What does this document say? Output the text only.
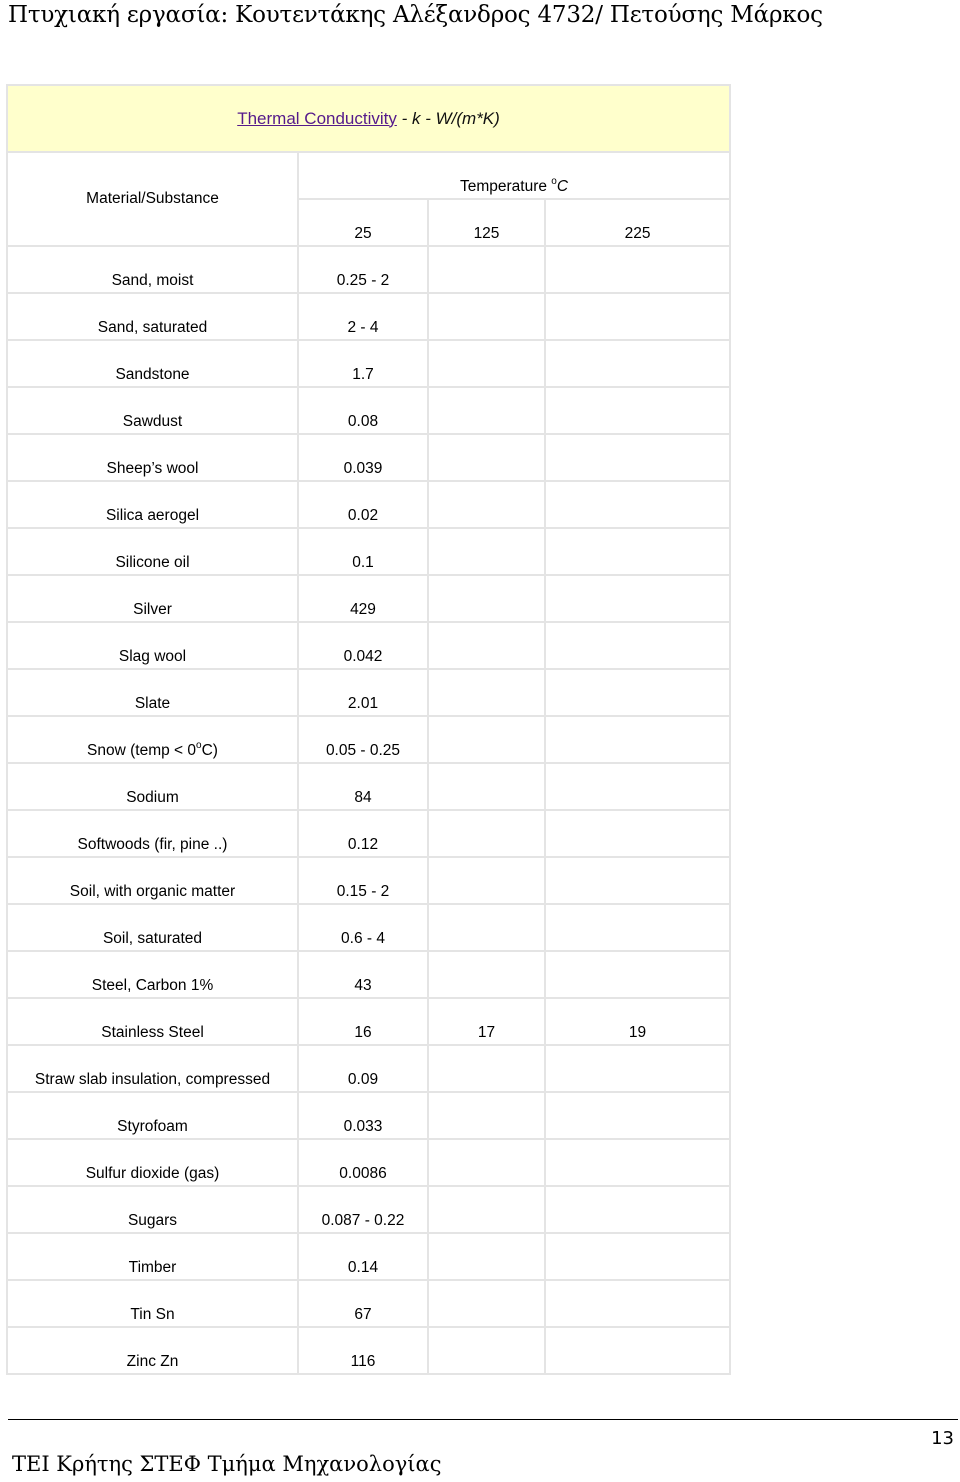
Πτυχιακή εργασία: Κουτεντάκης Αλέξανδρος 4732/ Πετούσης Μάρκος
Thermal Conductivity - k - W/(m*K)			
Material/Substance	Temperature $^o$C		
	25	125	225
Sand, moist	0.25 - 2		
Sand, saturated	2 - 4		
Sandstone	1.7		
Sawdust	0.08		
Sheep’s wool	0.039		
Silica aerogel	0.02		
Silicone oil	0.1		
Silver	429		
Slag wool	0.042		
Slate	2.01		
Snow (temp < $0^oC$)	0.05 - 0.25		
Sodium	84		
Softwoods (fir, pine ..)	0.12		
Soil, with organic matter	0.15 - 2		
Soil, saturated	0.6 - 4		
Steel, Carbon 1%	43		
Stainless Steel	16	17	19
Straw slab insulation, compressed	0.09		
Styrofoam	0.033		
Sulfur dioxide (gas)	0.0086		
Sugars	0.087 - 0.22		
Timber	0.14		
Tin Sn	67		
Zinc Zn	116		
13
ΤΕΙ Κρήτης ΣΤΕΦ Τμήμα Μηχανολογίας
